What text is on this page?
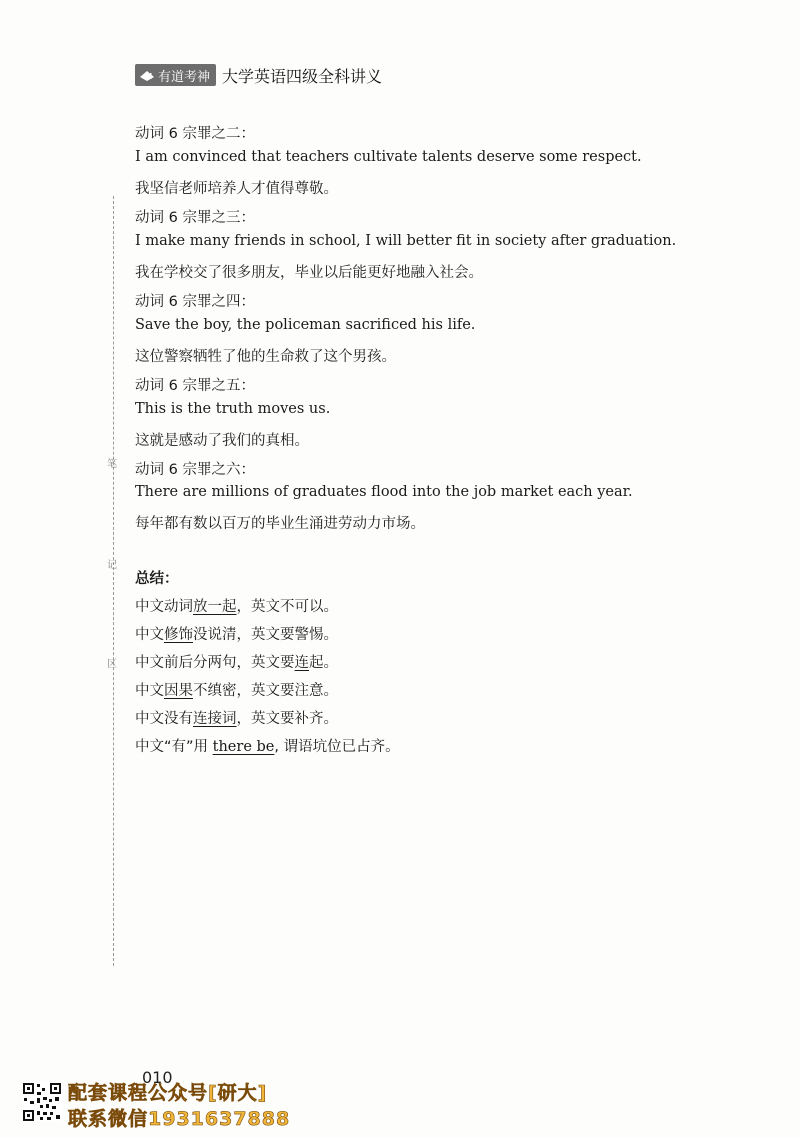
有道考神 大学英语四级全科讲义
笔
记
区
动词 6 宗罪之二：
I am convinced that teachers cultivate talents deserve some respect.
我坚信老师培养人才值得尊敬。
动词 6 宗罪之三：
I make many friends in school, I will better fit in society after graduation.
我在学校交了很多朋友，毕业以后能更好地融入社会。
动词 6 宗罪之四：
Save the boy, the policeman sacrificed his life.
这位警察牺牲了他的生命救了这个男孩。
动词 6 宗罪之五：
This is the truth moves us.
这就是感动了我们的真相。
动词 6 宗罪之六：
There are millions of graduates flood into the job market each year.
每年都有数以百万的毕业生涌进劳动力市场。
总结：
中文动词放一起，英文不可以。
中文修饰没说清，英文要警惕。
中文前后分两句，英文要连起。
中文因果不缜密，英文要注意。
中文没有连接词，英文要补齐。
中文“有”用 there be, 谓语坑位已占齐。
010
配套课程公众号[研大]
联系微信1931637888
